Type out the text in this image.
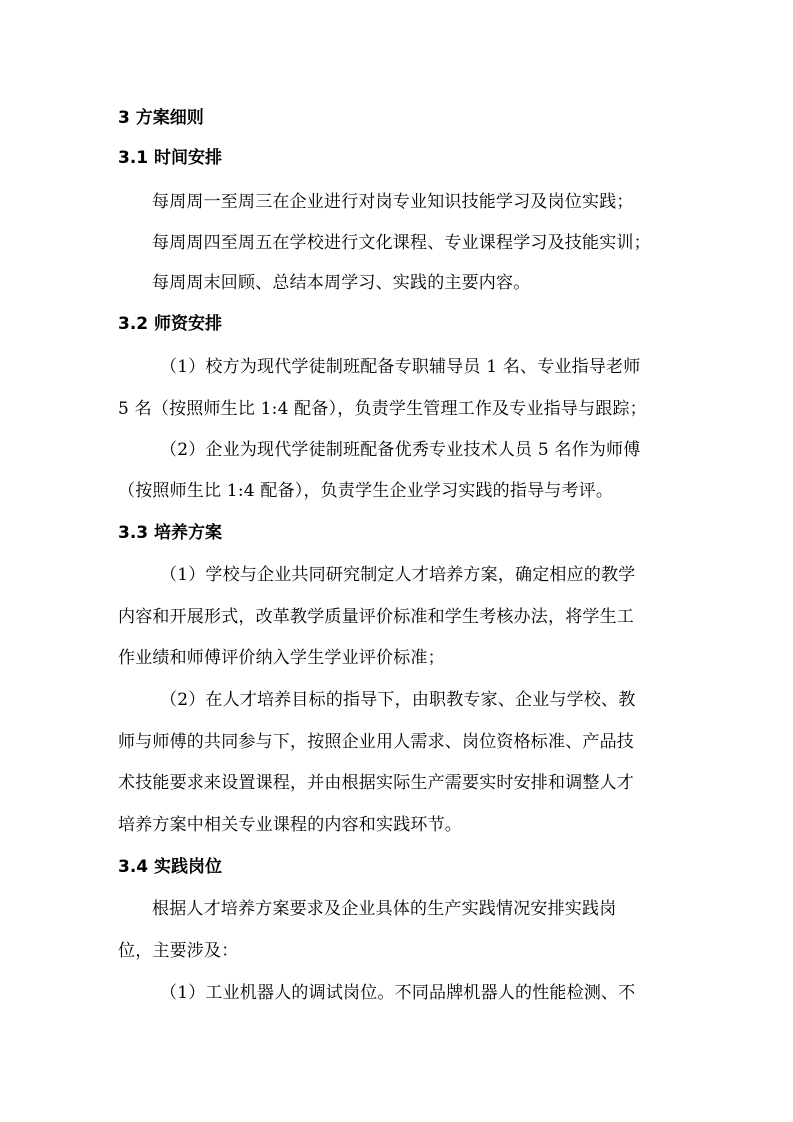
3 方案细则
3.1 时间安排
每周周一至周三在企业进行对岗专业知识技能学习及岗位实践；
每周周四至周五在学校进行文化课程、专业课程学习及技能实训；
每周周末回顾、总结本周学习、实践的主要内容。
3.2 师资安排
（1）校方为现代学徒制班配备专职辅导员 1 名、专业指导老师
5 名（按照师生比 1:4 配备），负责学生管理工作及专业指导与跟踪；
（2）企业为现代学徒制班配备优秀专业技术人员 5 名作为师傅
（按照师生比 1:4 配备），负责学生企业学习实践的指导与考评。
3.3 培养方案
（1）学校与企业共同研究制定人才培养方案，确定相应的教学
内容和开展形式，改革教学质量评价标准和学生考核办法，将学生工
作业绩和师傅评价纳入学生学业评价标准；
（2）在人才培养目标的指导下，由职教专家、企业与学校、教
师与师傅的共同参与下，按照企业用人需求、岗位资格标准、产品技
术技能要求来设置课程，并由根据实际生产需要实时安排和调整人才
培养方案中相关专业课程的内容和实践环节。
3.4 实践岗位
根据人才培养方案要求及企业具体的生产实践情况安排实践岗
位，主要涉及：
（1）工业机器人的调试岗位。不同品牌机器人的性能检测、不
